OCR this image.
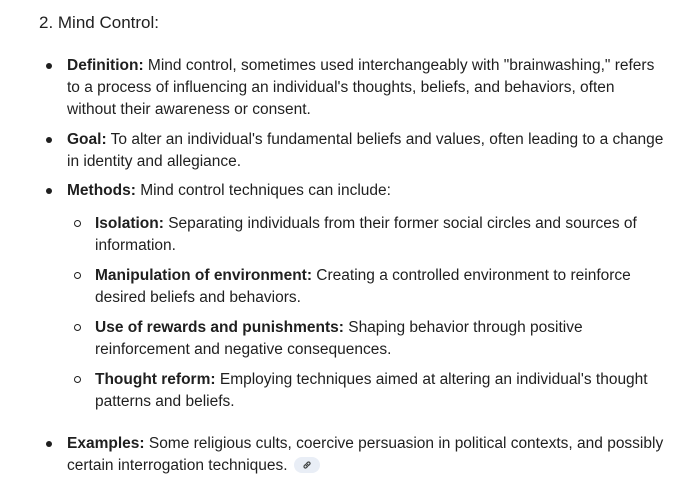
2. Mind Control:
Definition: Mind control, sometimes used interchangeably with "brainwashing," refers to a process of influencing an individual's thoughts, beliefs, and behaviors, often without their awareness or consent.
Goal: To alter an individual's fundamental beliefs and values, often leading to a change in identity and allegiance.
Methods: Mind control techniques can include:
Isolation: Separating individuals from their former social circles and sources of information.
Manipulation of environment: Creating a controlled environment to reinforce desired beliefs and behaviors.
Use of rewards and punishments: Shaping behavior through positive reinforcement and negative consequences.
Thought reform: Employing techniques aimed at altering an individual's thought patterns and beliefs.
Examples: Some religious cults, coercive persuasion in political contexts, and possibly certain interrogation techniques.
